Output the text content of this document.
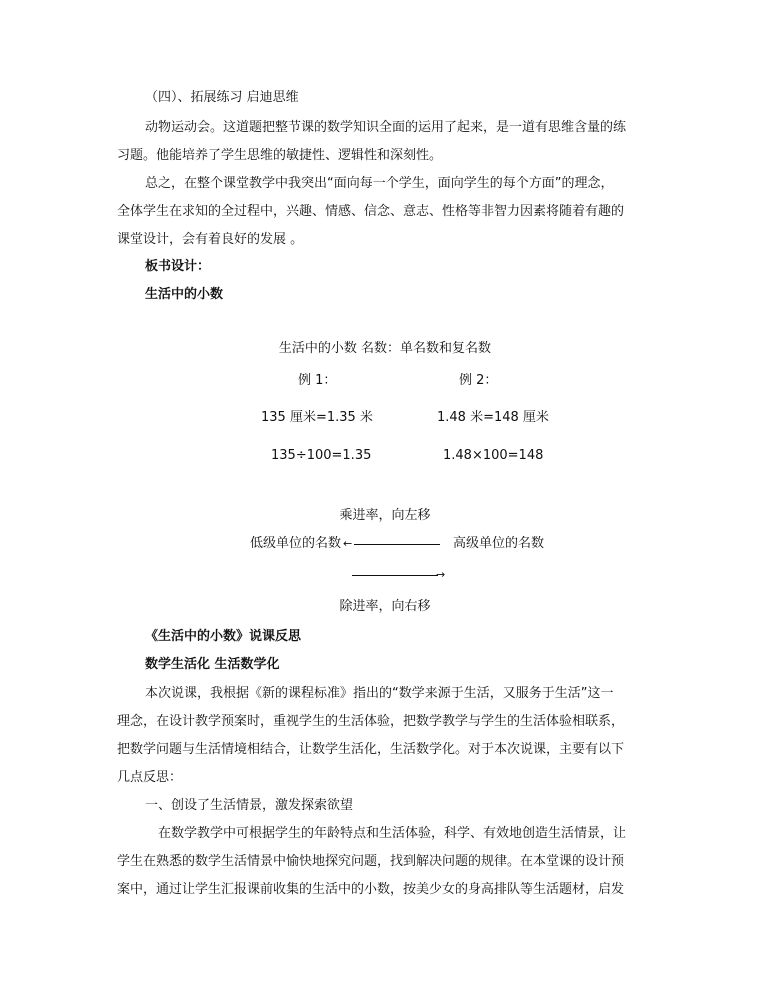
（四）、拓展练习 启迪思维

动物运动会。这道题把整节课的数学知识全面的运用了起来，是一道有思维含量的练

习题。他能培养了学生思维的敏捷性、逻辑性和深刻性。

总之，在整个课堂教学中我突出“面向每一个学生，面向学生的每个方面”的理念，

全体学生在求知的全过程中，兴趣、情感、信念、意志、性格等非智力因素将随着有趣的

课堂设计，会有着良好的发展 。

板书设计：

生活中的小数

生活中的小数 名数：单名数和复名数

例 1：	例 2：

135 厘米=1.35 米	1.48 米=148 厘米

135÷100=1.35	1.48×100=148

乘进率，向左移

低级单位的名数 ←	高级单位的名数

→

除进率，向右移

《生活中的小数》说课反思

数学生活化 生活数学化

本次说课，我根据《新的课程标准》指出的“数学来源于生活，又服务于生活”这一

理念，在设计教学预案时，重视学生的生活体验，把数学教学与学生的生活体验相联系，

把数学问题与生活情境相结合，让数学生活化，生活数学化。对于本次说课，主要有以下

几点反思：

一、创设了生活情景，激发探索欲望

在数学教学中可根据学生的年龄特点和生活体验，科学、有效地创造生活情景，让

学生在熟悉的数学生活情景中愉快地探究问题，找到解决问题的规律。在本堂课的设计预

案中，通过让学生汇报课前收集的生活中的小数，按美少女的身高排队等生活题材，启发
